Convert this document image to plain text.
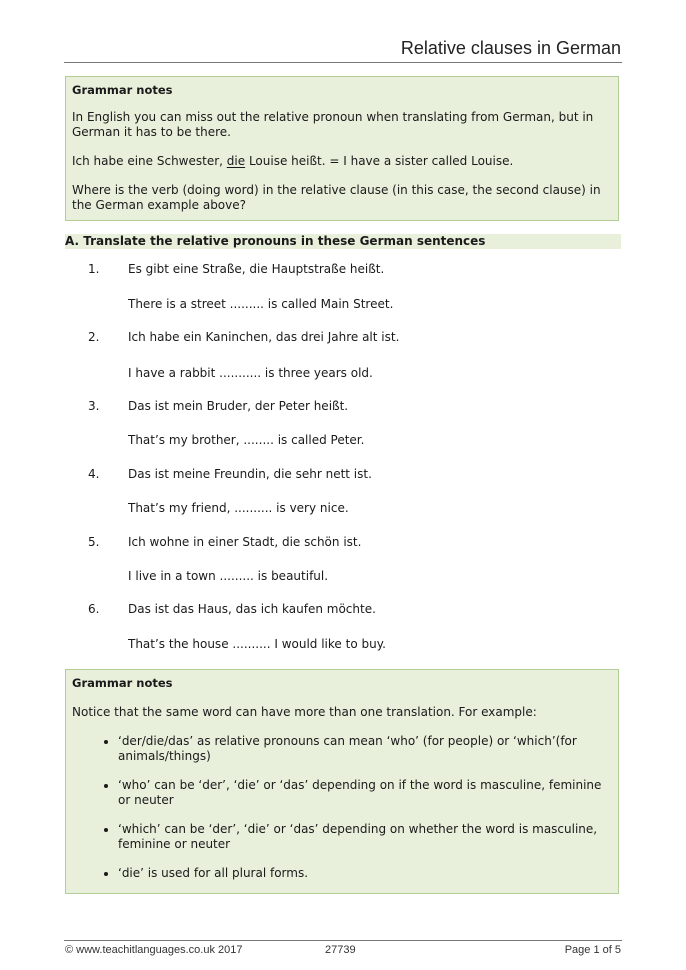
Relative clauses in German
Grammar notes

In English you can miss out the relative pronoun when translating from German, but in German it has to be there.

Ich habe eine Schwester, die Louise heißt. = I have a sister called Louise.

Where is the verb (doing word) in the relative clause (in this case, the second clause) in the German example above?

A. Translate the relative pronouns in these German sentences
1. Es gibt eine Straße, die Hauptstraße heißt.
There is a street ......... is called Main Street.
2. Ich habe ein Kaninchen, das drei Jahre alt ist.
I have a rabbit ........... is three years old.
3. Das ist mein Bruder, der Peter heißt.
That’s my brother, ........ is called Peter.
4. Das ist meine Freundin, die sehr nett ist.
That’s my friend, .......... is very nice.
5. Ich wohne in einer Stadt, die schön ist.
I live in a town ......... is beautiful.
6. Das ist das Haus, das ich kaufen möchte.
That’s the house .......... I would like to buy.
Grammar notes

Notice that the same word can have more than one translation. For example:

• ‘der/die/das’ as relative pronouns can mean ‘who’ (for people) or ‘which’(for animals/things)
• ‘who’ can be ‘der’, ‘die’ or ‘das’ depending on if the word is masculine, feminine or neuter
• ‘which’ can be ‘der’, ‘die’ or ‘das’ depending on whether the word is masculine, feminine or neuter
• ‘die’ is used for all plural forms.
© www.teachitlanguages.co.uk 2017	27739	Page 1 of 5
